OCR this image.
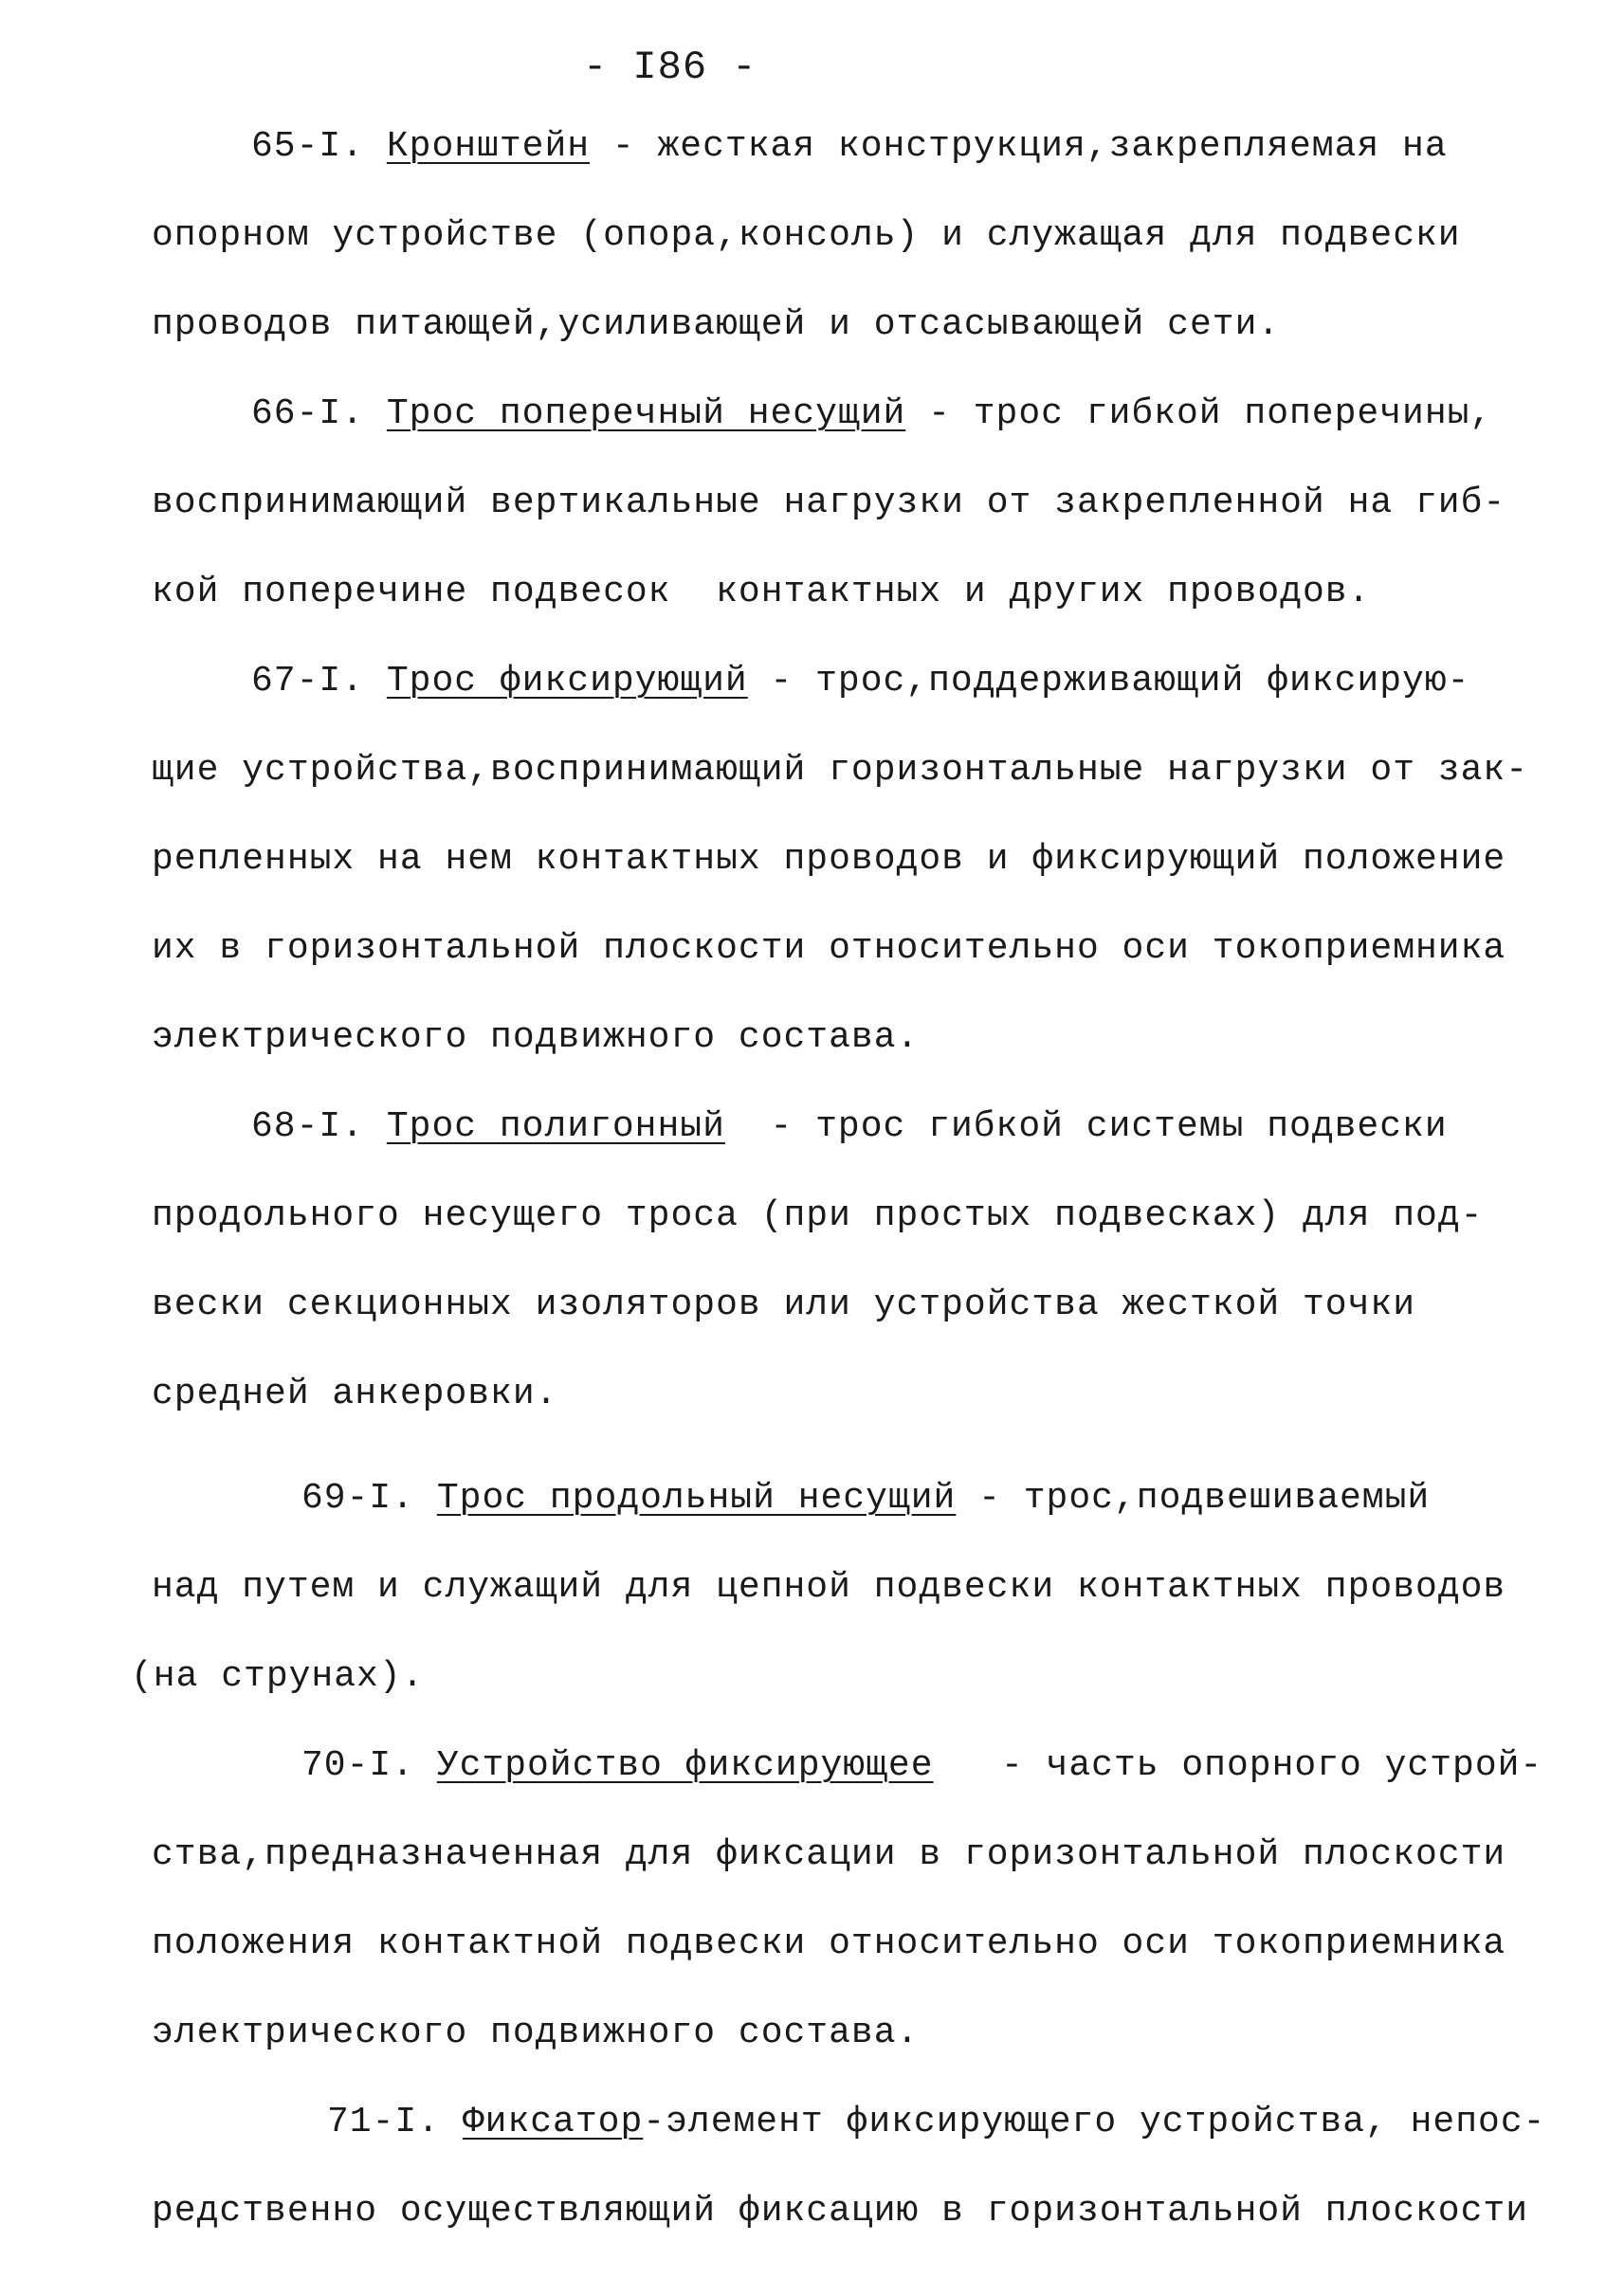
- I86 -
65-I. Кронштейн - жесткая конструкция,закрепляемая на
опорном устройстве (опора,консоль) и служащая для подвески
проводов питающей,усиливающей и отсасывающей сети.
66-I. Трос поперечный несущий - трос гибкой поперечины,
воспринимающий вертикальные нагрузки от закрепленной на гиб-
кой поперечине подвесок  контактных и других проводов.
67-I. Трос фиксирующий - трос,поддерживающий фиксирую-
щие устройства,воспринимающий горизонтальные нагрузки от зак-
репленных на нем контактных проводов и фиксирующий положение
их в горизонтальной плоскости относительно оси токоприемника
электрического подвижного состава.
68-I. Трос полигонный  - трос гибкой системы подвески
продольного несущего троса (при простых подвесках) для под-
вески секционных изоляторов или устройства жесткой точки
средней анкеровки.
69-I. Трос продольный несущий - трос,подвешиваемый
над путем и служащий для цепной подвески контактных проводов
(на струнах).
70-I. Устройство фиксирующее   - часть опорного устрой-
ства,предназначенная для фиксации в горизонтальной плоскости
положения контактной подвески относительно оси токоприемника
электрического подвижного состава.
71-I. Фиксатор-элемент фиксирующего устройства, непос-
редственно осуществляющий фиксацию в горизонтальной плоскости
